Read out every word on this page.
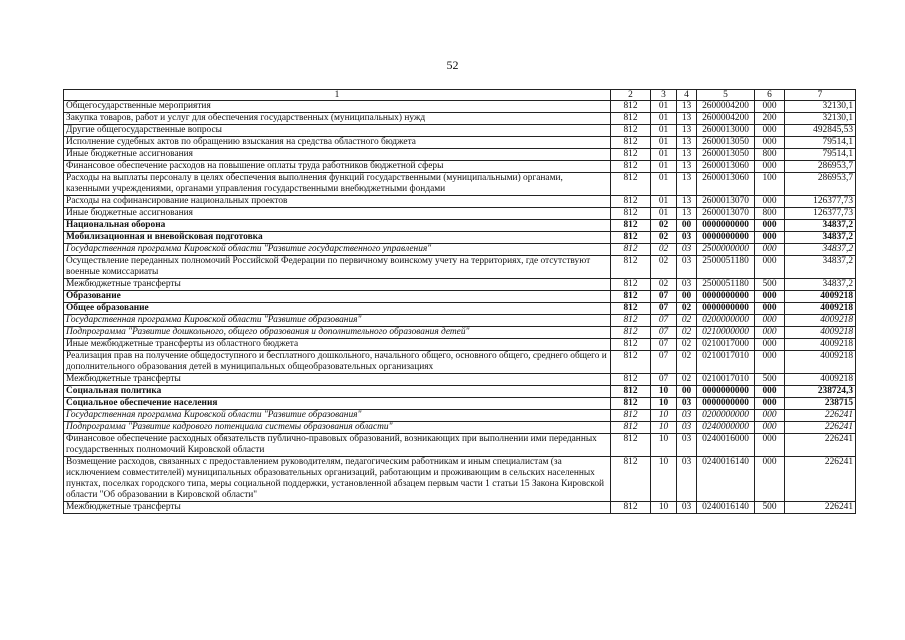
52
1	2	3	4	5	6	7
Общегосударственные мероприятия	812	01	13	2600004200	000	32130,1
Закупка товаров, работ и услуг для обеспечения государственных (муниципальных) нужд	812	01	13	2600004200	200	32130,1
Другие общегосударственные вопросы	812	01	13	2600013000	000	492845,53
Исполнение судебных актов по обращению взыскания на средства областного бюджета	812	01	13	2600013050	000	79514,1
Иные бюджетные ассигнования	812	01	13	2600013050	800	79514,1
Финансовое обеспечение расходов на повышение оплаты труда работников бюджетной сферы	812	01	13	2600013060	000	286953,7
Расходы на выплаты персоналу в целях обеспечения выполнения функций государственными (муниципальными) органами, казенными учреждениями, органами управления государственными внебюджетными фондами	812	01	13	2600013060	100	286953,7
Расходы на софинансирование национальных проектов	812	01	13	2600013070	000	126377,73
Иные бюджетные ассигнования	812	01	13	2600013070	800	126377,73
Национальная оборона	812	02	00	0000000000	000	34837,2
Мобилизационная и вневойсковая подготовка	812	02	03	0000000000	000	34837,2
Государственная программа Кировской области "Развитие государственного управления"	812	02	03	2500000000	000	34837,2
Осуществление переданных полномочий Российской Федерации по первичному воинскому учету на территориях, где отсутствуют военные комиссариаты	812	02	03	2500051180	000	34837,2
Межбюджетные трансферты	812	02	03	2500051180	500	34837,2
Образование	812	07	00	0000000000	000	4009218
Общее образование	812	07	02	0000000000	000	4009218
Государственная программа Кировской области "Развитие образования"	812	07	02	0200000000	000	4009218
Подпрограмма "Развитие дошкольного, общего образования и дополнительного образования детей"	812	07	02	0210000000	000	4009218
Иные межбюджетные трансферты из областного бюджета	812	07	02	0210017000	000	4009218
Реализация прав на получение общедоступного и бесплатного дошкольного, начального общего, основного общего, среднего общего и дополнительного образования детей в муниципальных общеобразовательных организациях	812	07	02	0210017010	000	4009218
Межбюджетные трансферты	812	07	02	0210017010	500	4009218
Социальная политика	812	10	00	0000000000	000	238724,3
Социальное обеспечение населения	812	10	03	0000000000	000	238715
Государственная программа Кировской области "Развитие образования"	812	10	03	0200000000	000	226241
Подпрограмма "Развитие кадрового потенциала системы образования области"	812	10	03	0240000000	000	226241
Финансовое обеспечение расходных обязательств публично-правовых образований, возникающих при выполнении ими переданных государственных полномочий Кировской области	812	10	03	0240016000	000	226241
Возмещение расходов, связанных с предоставлением руководителям, педагогическим работникам и иным специалистам (за исключением совместителей) муниципальных образовательных организаций, работающим и проживающим в сельских населенных пунктах, поселках городского типа, меры социальной поддержки, установленной абзацем первым части 1 статьи 15 Закона Кировской области "Об образовании в Кировской области"	812	10	03	0240016140	000	226241
Межбюджетные трансферты	812	10	03	0240016140	500	226241
